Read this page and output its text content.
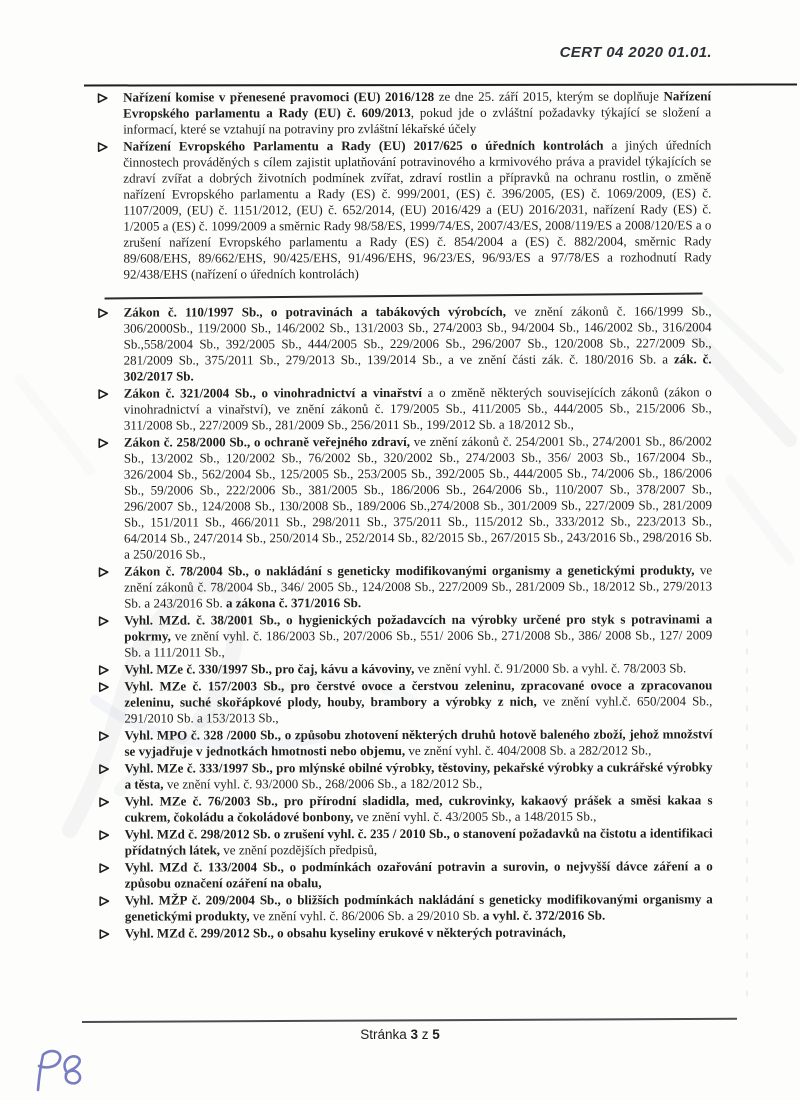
CERT 04 2020 01.01.
Nařízení komise v přenesené pravomoci (EU) 2016/128 ze dne 25. září 2015, kterým se doplňuje Nařízení Evropského parlamentu a Rady (EU) č. 609/2013, pokud jde o zvláštní požadavky týkající se složení a informací, které se vztahují na potraviny pro zvláštní lékařské účely
Nařízení Evropského Parlamentu a Rady (EU) 2017/625 o úředních kontrolách a jiných úředních činnostech prováděných s cílem zajistit uplatňování potravinového a krmivového práva a pravidel týkajících se zdraví zvířat a dobrých životních podmínek zvířat, zdraví rostlin a přípravků na ochranu rostlin, o změně nařízení Evropského parlamentu a Rady (ES) č. 999/2001, (ES) č. 396/2005, (ES) č. 1069/2009, (ES) č. 1107/2009, (EU) č. 1151/2012, (EU) č. 652/2014, (EU) 2016/429 a (EU) 2016/2031, nařízení Rady (ES) č. 1/2005 a (ES) č. 1099/2009 a směrnic Rady 98/58/ES, 1999/74/ES, 2007/43/ES, 2008/119/ES a 2008/120/ES a o zrušení nařízení Evropského parlamentu a Rady (ES) č. 854/2004 a (ES) č. 882/2004, směrnic Rady 89/608/EHS, 89/662/EHS, 90/425/EHS, 91/496/EHS, 96/23/ES, 96/93/ES a 97/78/ES a rozhodnutí Rady 92/438/EHS (nařízení o úředních kontrolách)
Zákon č. 110/1997 Sb., o potravinách a tabákových výrobcích, ve znění zákonů č. 166/1999 Sb., 306/2000Sb., 119/2000 Sb., 146/2002 Sb., 131/2003 Sb., 274/2003 Sb., 94/2004 Sb., 146/2002 Sb., 316/2004 Sb.,558/2004 Sb., 392/2005 Sb., 444/2005 Sb., 229/2006 Sb., 296/2007 Sb., 120/2008 Sb., 227/2009 Sb., 281/2009 Sb., 375/2011 Sb., 279/2013 Sb., 139/2014 Sb., a ve znění části zák. č. 180/2016 Sb. a zák. č. 302/2017 Sb.
Zákon č. 321/2004 Sb., o vinohradnictví a vinařství a o změně některých souvisejících zákonů (zákon o vinohradnictví a vinařství), ve znění zákonů č. 179/2005 Sb., 411/2005 Sb., 444/2005 Sb., 215/2006 Sb., 311/2008 Sb., 227/2009 Sb., 281/2009 Sb., 256/2011 Sb., 199/2012 Sb. a 18/2012 Sb.,
Zákon č. 258/2000 Sb., o ochraně veřejného zdraví, ve znění zákonů č. 254/2001 Sb., 274/2001 Sb., 86/2002 Sb., 13/2002 Sb., 120/2002 Sb., 76/2002 Sb., 320/2002 Sb., 274/2003 Sb., 356/ 2003 Sb., 167/2004 Sb., 326/2004 Sb., 562/2004 Sb., 125/2005 Sb., 253/2005 Sb., 392/2005 Sb., 444/2005 Sb., 74/2006 Sb., 186/2006 Sb., 59/2006 Sb., 222/2006 Sb., 381/2005 Sb., 186/2006 Sb., 264/2006 Sb., 110/2007 Sb., 378/2007 Sb., 296/2007 Sb., 124/2008 Sb., 130/2008 Sb., 189/2006 Sb.,274/2008 Sb., 301/2009 Sb., 227/2009 Sb., 281/2009 Sb., 151/2011 Sb., 466/2011 Sb., 298/2011 Sb., 375/2011 Sb., 115/2012 Sb., 333/2012 Sb., 223/2013 Sb., 64/2014 Sb., 247/2014 Sb., 250/2014 Sb., 252/2014 Sb., 82/2015 Sb., 267/2015 Sb., 243/2016 Sb., 298/2016 Sb. a 250/2016 Sb.,
Zákon č. 78/2004 Sb., o nakládání s geneticky modifikovanými organismy a genetickými produkty, ve znění zákonů č. 78/2004 Sb., 346/ 2005 Sb., 124/2008 Sb., 227/2009 Sb., 281/2009 Sb., 18/2012 Sb., 279/2013 Sb. a 243/2016 Sb. a zákona č. 371/2016 Sb.
Vyhl. MZd. č. 38/2001 Sb., o hygienických požadavcích na výrobky určené pro styk s potravinami a pokrmy, ve znění vyhl. č. 186/2003 Sb., 207/2006 Sb., 551/ 2006 Sb., 271/2008 Sb., 386/ 2008 Sb., 127/ 2009 Sb. a 111/2011 Sb.,
Vyhl. MZe č. 330/1997 Sb., pro čaj, kávu a kávoviny, ve znění vyhl. č. 91/2000 Sb. a vyhl. č. 78/2003 Sb.
Vyhl. MZe č. 157/2003 Sb., pro čerstvé ovoce a čerstvou zeleninu, zpracované ovoce a zpracovanou zeleninu, suché skořápkové plody, houby, brambory a výrobky z nich, ve znění vyhl.č. 650/2004 Sb., 291/2010 Sb. a 153/2013 Sb.,
Vyhl. MPO č. 328 /2000 Sb., o způsobu zhotovení některých druhů hotově baleného zboží, jehož množství se vyjadřuje v jednotkách hmotnosti nebo objemu, ve znění vyhl. č. 404/2008 Sb. a 282/2012 Sb.,
Vyhl. MZe č. 333/1997 Sb., pro mlýnské obilné výrobky, těstoviny, pekařské výrobky a cukrářské výrobky a těsta, ve znění vyhl. č. 93/2000 Sb., 268/2006 Sb., a 182/2012 Sb.,
Vyhl. MZe č. 76/2003 Sb., pro přírodní sladidla, med, cukrovinky, kakaový prášek a směsi kakaa s cukrem, čokoládu a čokoládové bonbony, ve znění vyhl. č. 43/2005 Sb., a 148/2015 Sb.,
Vyhl. MZd č. 298/2012 Sb. o zrušení vyhl. č. 235 / 2010 Sb., o stanovení požadavků na čistotu a identifikaci přídatných látek, ve znění pozdějších předpisů,
Vyhl. MZd č. 133/2004 Sb., o podmínkách ozařování potravin a surovin, o nejvyšší dávce záření a o způsobu označení ozáření na obalu,
Vyhl. MŽP č. 209/2004 Sb., o bližších podmínkách nakládání s geneticky modifikovanými organismy a genetickými produkty, ve znění vyhl. č. 86/2006 Sb. a 29/2010 Sb. a vyhl. č. 372/2016 Sb.
Vyhl. MZd č. 299/2012 Sb., o obsahu kyseliny erukové v některých potravinách,
Stránka 3 z 5
